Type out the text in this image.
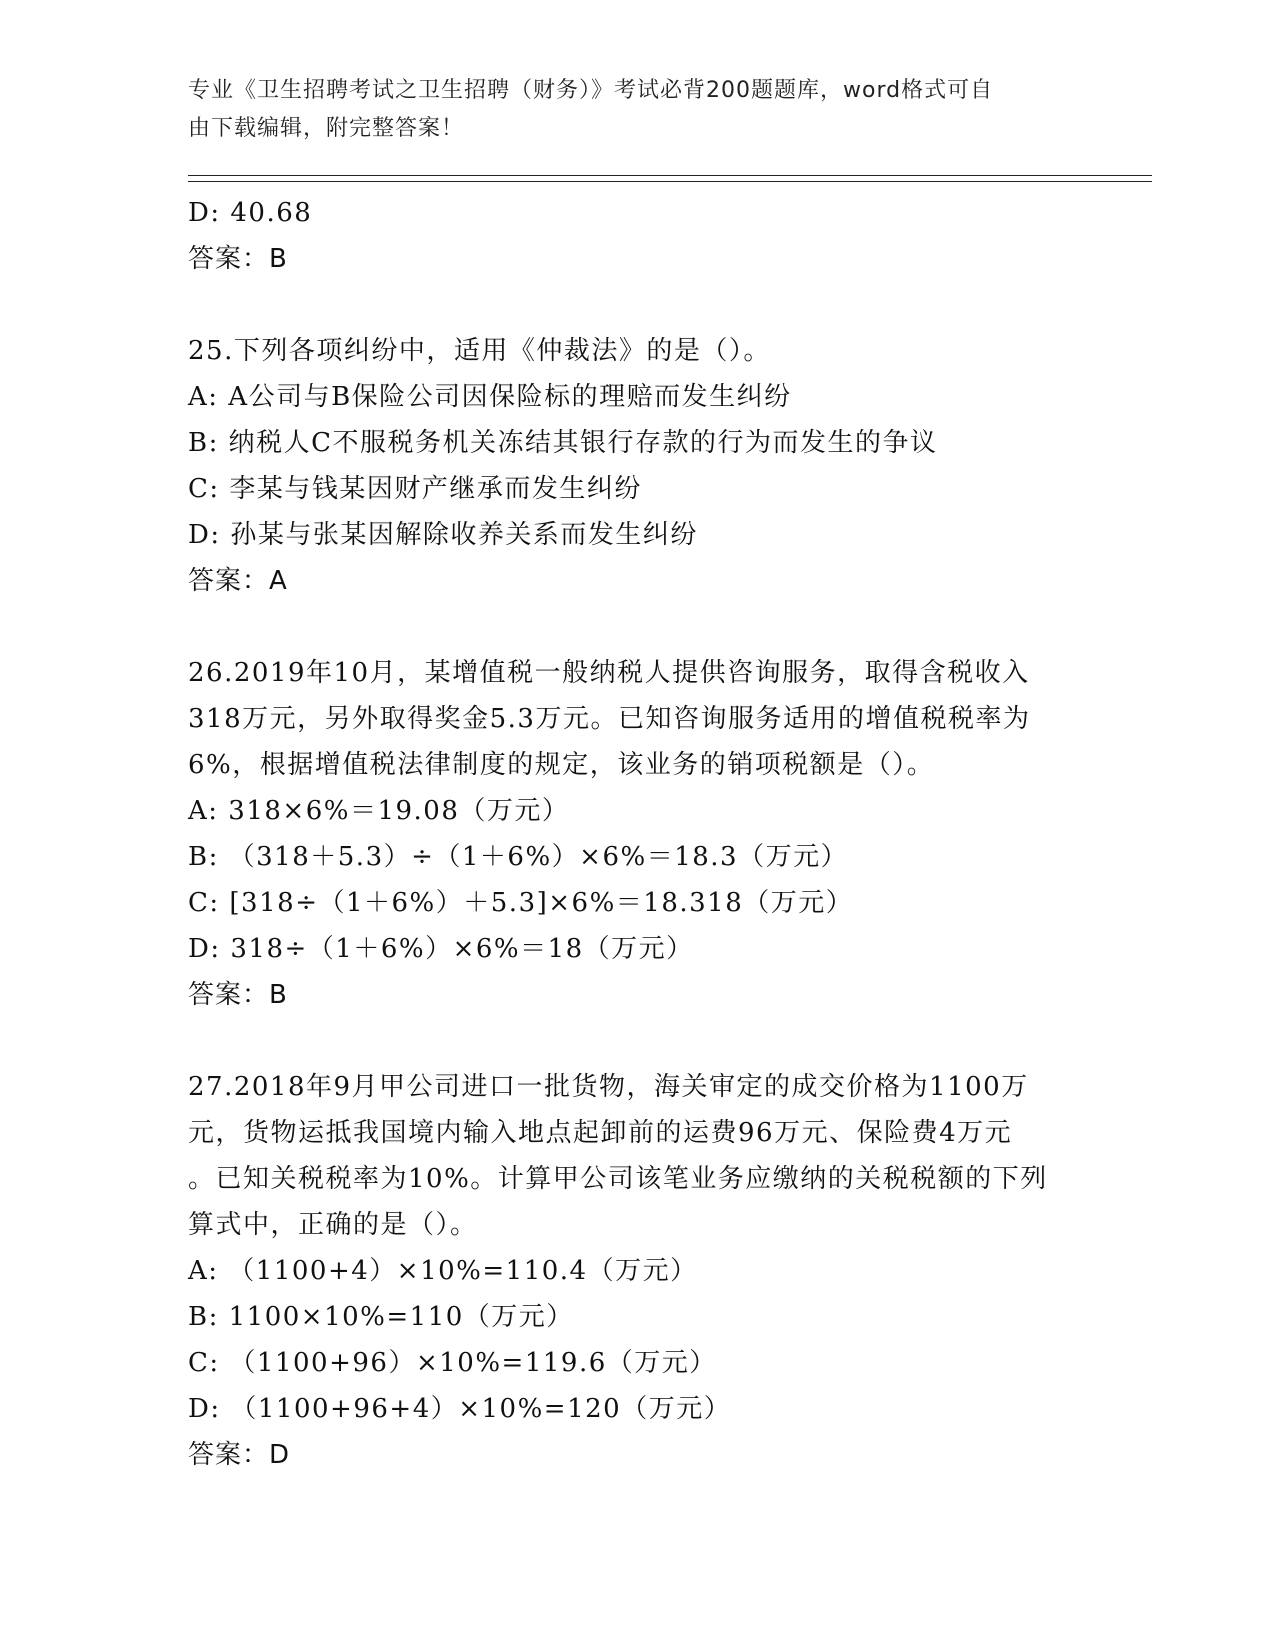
专业《卫生招聘考试之卫生招聘（财务）》考试必背200题题库，word格式可自
由下载编辑，附完整答案！
D: 40.68
答案：B
25.下列各项纠纷中，适用《仲裁法》的是（）。
A: A公司与B保险公司因保险标的理赔而发生纠纷
B: 纳税人C不服税务机关冻结其银行存款的行为而发生的争议
C: 李某与钱某因财产继承而发生纠纷
D: 孙某与张某因解除收养关系而发生纠纷
答案：A
26.2019年10月，某增值税一般纳税人提供咨询服务，取得含税收入
318万元，另外取得奖金5.3万元。已知咨询服务适用的增值税税率为
6%，根据增值税法律制度的规定，该业务的销项税额是（）。
A: 318×6%＝19.08（万元）
B: （318＋5.3）÷（1＋6%）×6%＝18.3（万元）
C: [318÷（1＋6%）＋5.3]×6%＝18.318（万元）
D: 318÷（1＋6%）×6%＝18（万元）
答案：B
27.2018年9月甲公司进口一批货物，海关审定的成交价格为1100万
元，货物运抵我国境内输入地点起卸前的运费96万元、保险费4万元
。已知关税税率为10%。计算甲公司该笔业务应缴纳的关税税额的下列
算式中，正确的是（）。
A: （1100+4）×10%=110.4（万元）
B: 1100×10%=110（万元）
C: （1100+96）×10%=119.6（万元）
D: （1100+96+4）×10%=120（万元）
答案：D
